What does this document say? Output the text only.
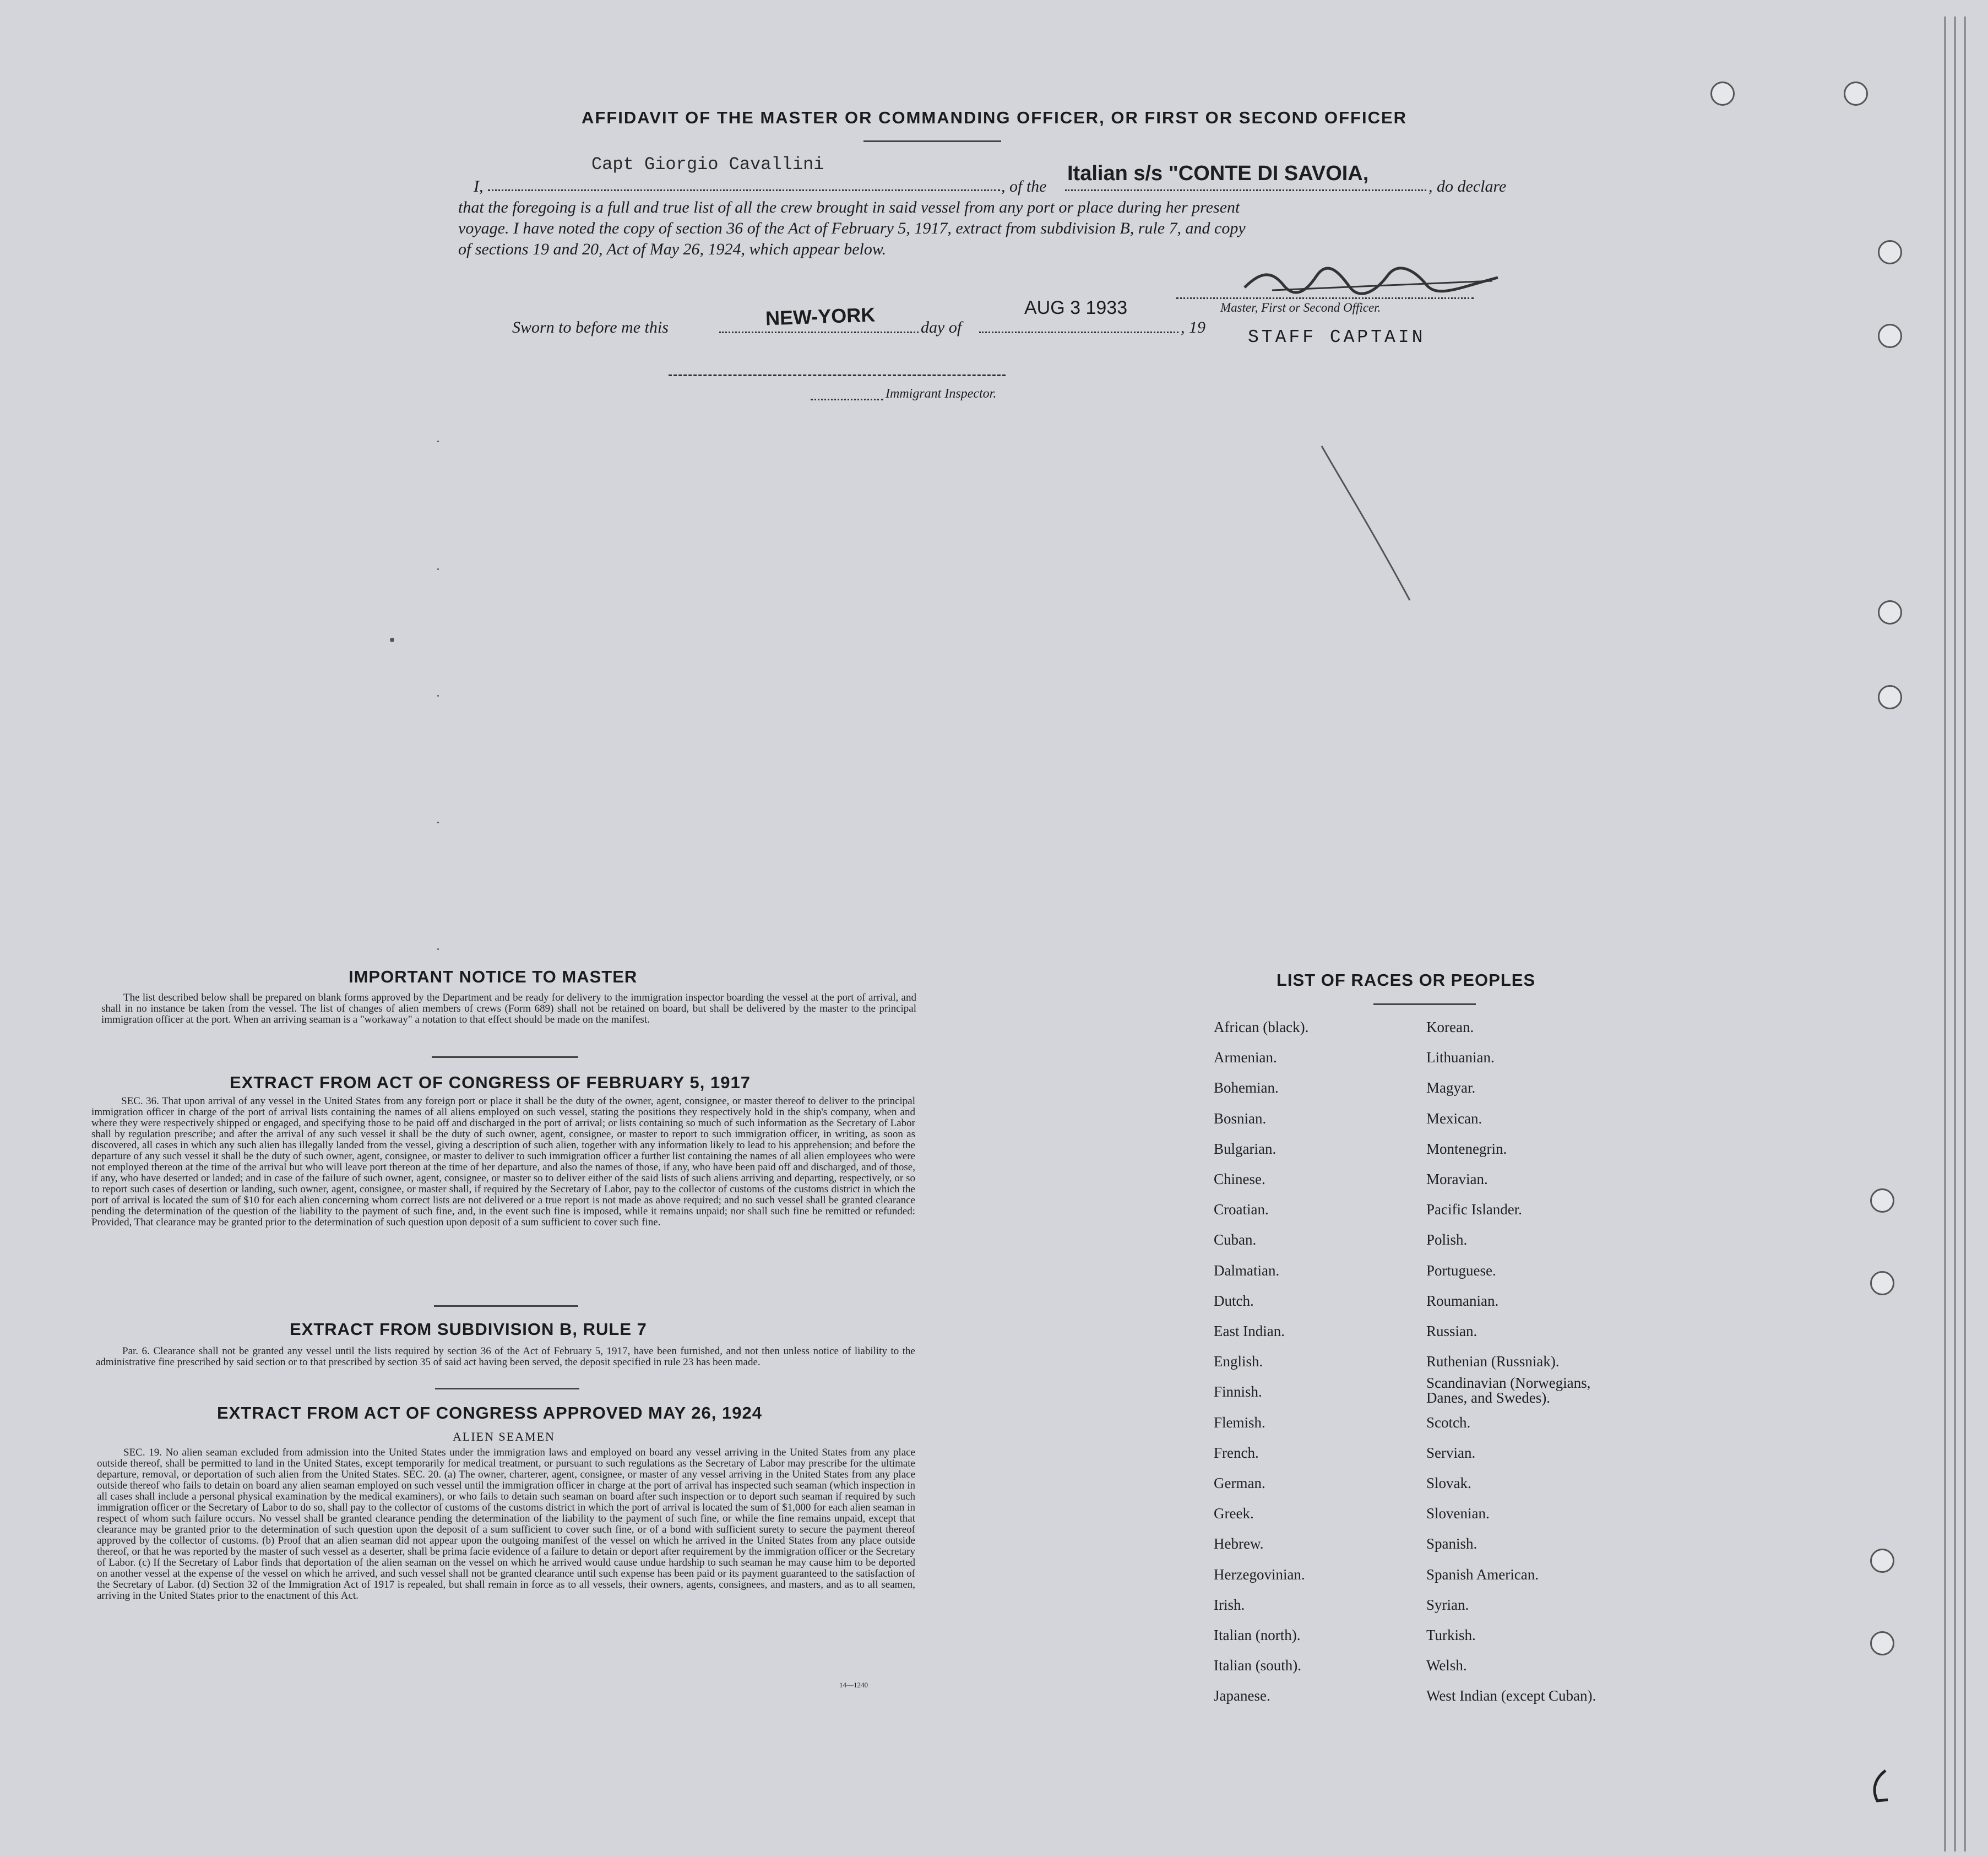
AFFIDAVIT OF THE MASTER OR COMMANDING OFFICER, OR FIRST OR SECOND OFFICER
I,
Capt Giorgio Cavallini
, of the
Italian s/s "CONTE DI SAVOIA,
, do declare
that the foregoing is a full and true list of all the crew brought in said vessel from any port or place during her present
voyage. I have noted the copy of section 36 of the Act of February 5, 1917, extract from subdivision B, rule 7, and copy
of sections 19 and 20, Act of May 26, 1924, which appear below.
Master, First or Second Officer.
Sworn to before me this	NEW-YORK	day of
AUG 3 1933
, 19 STAFF CAPTAIN
Immigrant Inspector.
IMPORTANT NOTICE TO MASTER
The list described below shall be prepared on blank forms approved by the Department and be ready for delivery to the immigration inspector boarding the vessel at the port of arrival, and shall in no instance be taken from the vessel. The list of changes of alien members of crews (Form 689) shall not be retained on board, but shall be delivered by the master to the principal immigration officer at the port. When an arriving seaman is a "workaway" a notation to that effect should be made on the manifest.
EXTRACT FROM ACT OF CONGRESS OF FEBRUARY 5, 1917
SEC. 36. That upon arrival of any vessel in the United States from any foreign port or place it shall be the duty of the owner, agent, consignee, or master thereof to deliver to the principal immigration officer in charge of the port of arrival lists containing the names of all aliens employed on such vessel, stating the positions they respectively hold in the ship's company, when and where they were respectively shipped or engaged, and specifying those to be paid off and discharged in the port of arrival; or lists containing so much of such information as the Secretary of Labor shall by regulation prescribe; and after the arrival of any such vessel it shall be the duty of such owner, agent, consignee, or master to report to such immigration officer, in writing, as soon as discovered, all cases in which any such alien has illegally landed from the vessel, giving a description of such alien, together with any information likely to lead to his apprehension; and before the departure of any such vessel it shall be the duty of such owner, agent, consignee, or master to deliver to such immigration officer a further list containing the names of all alien employees who were not employed thereon at the time of the arrival but who will leave port thereon at the time of her departure, and also the names of those, if any, who have been paid off and discharged, and of those, if any, who have deserted or landed; and in case of the failure of such owner, agent, consignee, or master so to deliver either of the said lists of such aliens arriving and departing, respectively, or so to report such cases of desertion or landing, such owner, agent, consignee, or master shall, if required by the Secretary of Labor, pay to the collector of customs of the customs district in which the port of arrival is located the sum of $10 for each alien concerning whom correct lists are not delivered or a true report is not made as above required; and no such vessel shall be granted clearance pending the determination of the question of the liability to the payment of such fine, and, in the event such fine is imposed, while it remains unpaid; nor shall such fine be remitted or refunded: Provided, That clearance may be granted prior to the determination of such question upon deposit of a sum sufficient to cover such fine.
EXTRACT FROM SUBDIVISION B, RULE 7
Par. 6. Clearance shall not be granted any vessel until the lists required by section 36 of the Act of February 5, 1917, have been furnished, and not then unless notice of liability to the administrative fine prescribed by said section or to that prescribed by section 35 of said act having been served, the deposit specified in rule 23 has been made.
EXTRACT FROM ACT OF CONGRESS APPROVED MAY 26, 1924
ALIEN SEAMEN
SEC. 19. No alien seaman excluded from admission into the United States under the immigration laws and employed on board any vessel arriving in the United States from any place outside thereof, shall be permitted to land in the United States, except temporarily for medical treatment, or pursuant to such regulations as the Secretary of Labor may prescribe for the ultimate departure, removal, or deportation of such alien from the United States. SEC. 20. (a) The owner, charterer, agent, consignee, or master of any vessel arriving in the United States from any place outside thereof who fails to detain on board any alien seaman employed on such vessel until the immigration officer in charge at the port of arrival has inspected such seaman (which inspection in all cases shall include a personal physical examination by the medical examiners), or who fails to detain such seaman on board after such inspection or to deport such seaman if required by such immigration officer or the Secretary of Labor to do so, shall pay to the collector of customs of the customs district in which the port of arrival is located the sum of $1,000 for each alien seaman in respect of whom such failure occurs. No vessel shall be granted clearance pending the determination of the liability to the payment of such fine, or while the fine remains unpaid, except that clearance may be granted prior to the determination of such question upon the deposit of a sum sufficient to cover such fine, or of a bond with sufficient surety to secure the payment thereof approved by the collector of customs. (b) Proof that an alien seaman did not appear upon the outgoing manifest of the vessel on which he arrived in the United States from any place outside thereof, or that he was reported by the master of such vessel as a deserter, shall be prima facie evidence of a failure to detain or deport after requirement by the immigration officer or the Secretary of Labor. (c) If the Secretary of Labor finds that deportation of the alien seaman on the vessel on which he arrived would cause undue hardship to such seaman he may cause him to be deported on another vessel at the expense of the vessel on which he arrived, and such vessel shall not be granted clearance until such expense has been paid or its payment guaranteed to the satisfaction of the Secretary of Labor. (d) Section 32 of the Immigration Act of 1917 is repealed, but shall remain in force as to all vessels, their owners, agents, consignees, and masters, and as to all seamen, arriving in the United States prior to the enactment of this Act.
14—1240
LIST OF RACES OR PEOPLES
African (black).
Armenian.
Bohemian.
Bosnian.
Bulgarian.
Chinese.
Croatian.
Cuban.
Dalmatian.
Dutch.
East Indian.
English.
Finnish.
Flemish.
French.
German.
Greek.
Hebrew.
Herzegovinian.
Irish.
Italian (north).
Italian (south).
Japanese.
Korean.
Lithuanian.
Magyar.
Mexican.
Montenegrin.
Moravian.
Pacific Islander.
Polish.
Portuguese.
Roumanian.
Russian.
Ruthenian (Russniak).
Scandinavian (Norwegians, Danes, and Swedes).
Scotch.
Servian.
Slovak.
Slovenian.
Spanish.
Spanish American.
Syrian.
Turkish.
Welsh.
West Indian (except Cuban).
